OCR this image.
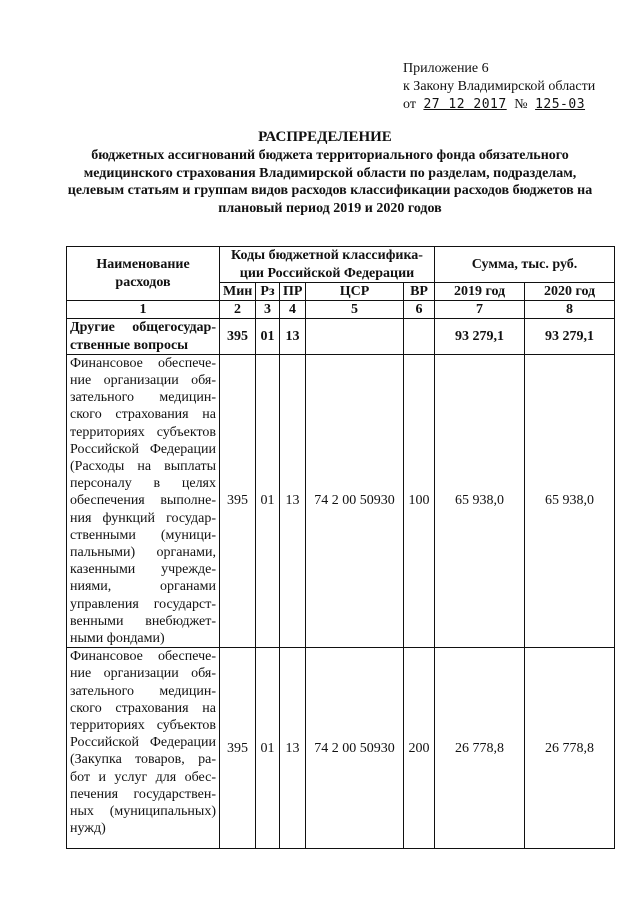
Приложение 6
к Закону Владимирской области
от 27 12 2017 № 125-03
РАСПРЕДЕЛЕНИЕ
бюджетных ассигнований бюджета территориального фонда обязательного медицинского страхования Владимирской области по разделам, подразделам, целевым статьям и группам видов расходов классификации расходов бюджетов на плановый период 2019 и 2020 годов
Наименование расходов	Коды бюджетной классифика-ции Российской Федерации					Сумма, тыс. руб.	
	Мин	Рз	ПР	ЦСР	ВР	2019 год	2020 год
1	2	3	4	5	6	7	8
Другие общегосудар-ственные вопросы	395	01	13			93 279,1	93 279,1
Финансовое обеспече-ние организации обя-зательного медицин-ского страхования на территориях субъектов Российской Федерации (Расходы на выплаты персоналу в целях обеспечения выполне-ния функций государ-ственными (муници-пальными) органами, казенными учрежде-ниями, органами управления государст-венными внебюджет-ными фондами)	395	01	13	74 2 00 50930	100	65 938,0	65 938,0
Финансовое обеспече-ние организации обя-зательного медицин-ского страхования на территориях субъектов Российской Федерации (Закупка товаров, ра-бот и услуг для обес-печения государствен-ных (муниципальных) нужд)	395	01	13	74 2 00 50930	200	26 778,8	26 778,8
